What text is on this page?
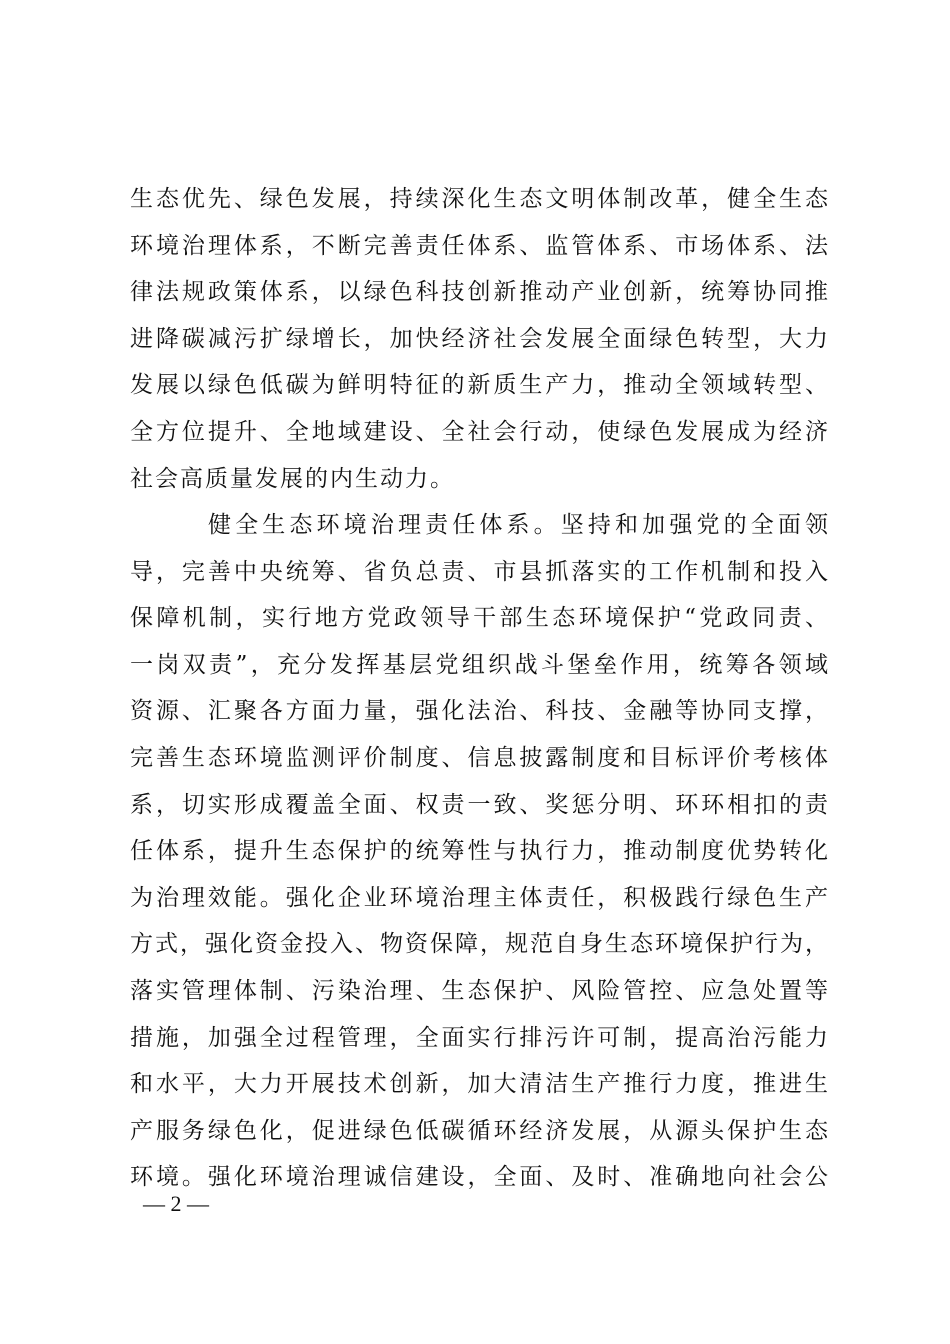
生态优先、绿色发展，持续深化生态文明体制改革，健全生态
环境治理体系，不断完善责任体系、监管体系、市场体系、法
律法规政策体系，以绿色科技创新推动产业创新，统筹协同推
进降碳减污扩绿增长，加快经济社会发展全面绿色转型，大力
发展以绿色低碳为鲜明特征的新质生产力，推动全领域转型、
全方位提升、全地域建设、全社会行动，使绿色发展成为经济
社会高质量发展的内生动力。
健全生态环境治理责任体系。坚持和加强党的全面领
导，完善中央统筹、省负总责、市县抓落实的工作机制和投入
保障机制，实行地方党政领导干部生态环境保护“党政同责、
一岗双责”，充分发挥基层党组织战斗堡垒作用，统筹各领域
资源、汇聚各方面力量，强化法治、科技、金融等协同支撑，
完善生态环境监测评价制度、信息披露制度和目标评价考核体
系，切实形成覆盖全面、权责一致、奖惩分明、环环相扣的责
任体系，提升生态保护的统筹性与执行力，推动制度优势转化
为治理效能。强化企业环境治理主体责任，积极践行绿色生产
方式，强化资金投入、物资保障，规范自身生态环境保护行为，
落实管理体制、污染治理、生态保护、风险管控、应急处置等
措施，加强全过程管理，全面实行排污许可制，提高治污能力
和水平，大力开展技术创新，加大清洁生产推行力度，推进生
产服务绿色化，促进绿色低碳循环经济发展，从源头保护生态
环境。强化环境治理诚信建设，全面、及时、准确地向社会公
— 2 —
